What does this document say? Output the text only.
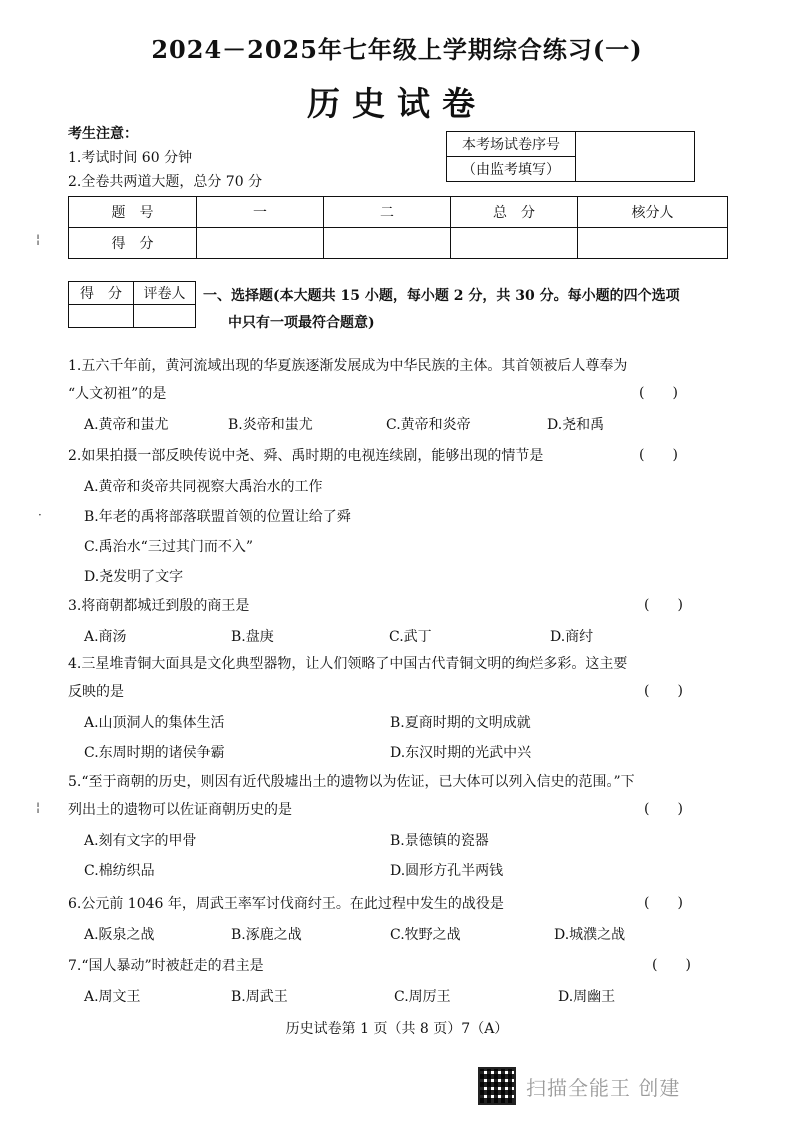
2024－2025年七年级上学期综合练习(一)
历史试卷
考生注意：
1.考试时间 60 分钟
2.全卷共两道大题，总分 70 分
本考场试卷序号	
（由监考填写）
题　号	一	二	总　分	核分人
得　分				
得　分	评卷人
	一、选择题(本大题共 15 小题，每小题 2 分，共 30 分。每小题的四个选项
中只有一项最符合题意)
1.五六千年前，黄河流域出现的华夏族逐渐发展成为中华民族的主体。其首领被后人尊奉为
“人文初祖”的是	(　　)
A.黄帝和蚩尤	B.炎帝和蚩尤	C.黄帝和炎帝	D.尧和禹
2.如果拍摄一部反映传说中尧、舜、禹时期的电视连续剧，能够出现的情节是	(　　)
A.黄帝和炎帝共同视察大禹治水的工作
B.年老的禹将部落联盟首领的位置让给了舜
C.禹治水“三过其门而不入”
D.尧发明了文字
3.将商朝都城迁到殷的商王是	(　　)
A.商汤	B.盘庚	C.武丁	D.商纣
4.三星堆青铜大面具是文化典型器物，让人们领略了中国古代青铜文明的绚烂多彩。这主要
反映的是	(　　)
A.山顶洞人的集体生活	B.夏商时期的文明成就
C.东周时期的诸侯争霸	D.东汉时期的光武中兴
5.“至于商朝的历史，则因有近代殷墟出土的遗物以为佐证，已大体可以列入信史的范围。”下
列出土的遗物可以佐证商朝历史的是	(　　)
A.刻有文字的甲骨	B.景德镇的瓷器
C.棉纺织品	D.圆形方孔半两钱
6.公元前 1046 年，周武王率军讨伐商纣王。在此过程中发生的战役是	(　　)
A.阪泉之战	B.涿鹿之战	C.牧野之战	D.城濮之战
7.“国人暴动”时被赶走的君主是	(　　)
A.周文王	B.周武王	C.周厉王	D.周幽王
历史试卷第 1 页（共 8 页）7（A）
扫描全能王 创建
¦
·
¦
